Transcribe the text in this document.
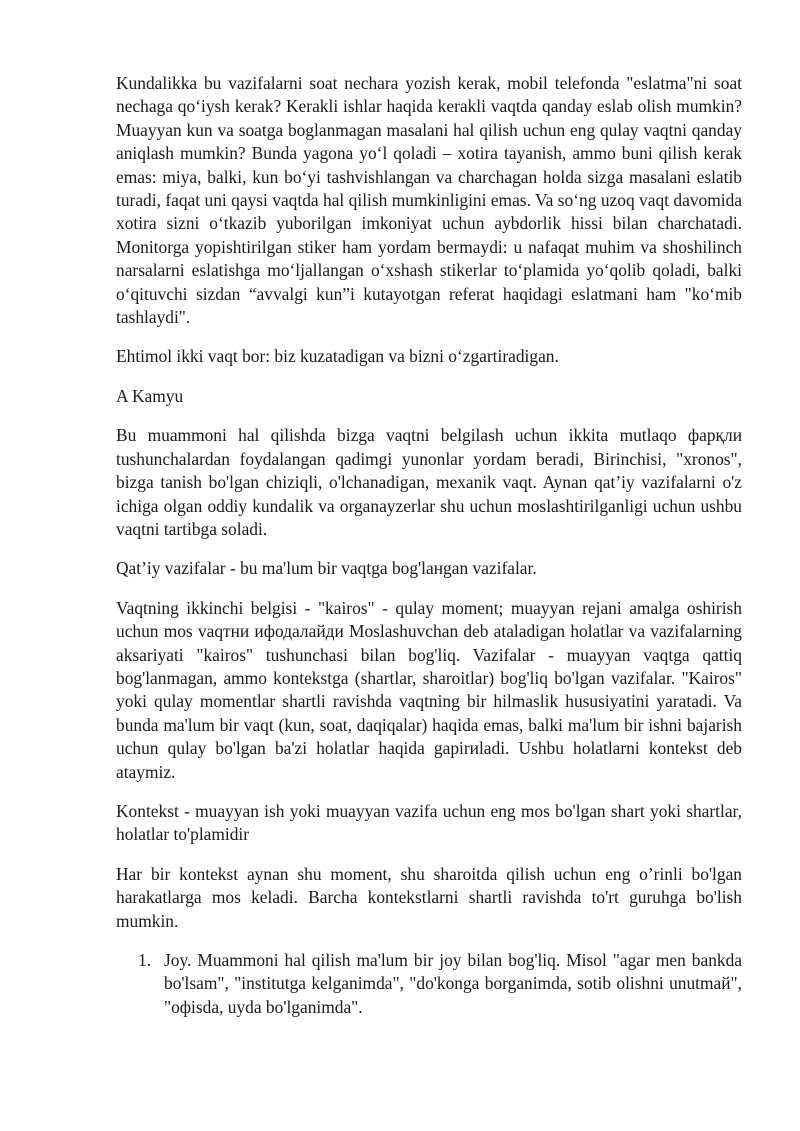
Kundalikka bu vazifalarni soat nechara yozish kerak, mobil telefonda "eslatma"ni soat nechaga qo‘iysh kerak? Kerakli ishlar haqida kerakli vaqtda qanday eslab olish mumkin? Muayyan kun va soatga boglanmagan masalani hal qilish uchun eng qulay vaqtni qanday aniqlash mumkin? Bunda yagona yo‘l qoladi – xotira tayanish, ammo buni qilish kerak emas: miya, balki, kun bo‘yi tashvishlangan va charchagan holda sizga masalani eslatib turadi, faqat uni qaysi vaqtda hal qilish mumkinligini emas. Va so‘ng uzoq vaqt davomida xotira sizni o‘tkazib yuborilgan imkoniyat uchun aybdorlik hissi bilan charchatadi. Monitorga yopishtirilgan stiker ham yordam bermaydi: u nafaqat muhim va shoshilinch narsalarni eslatishga mo‘ljallangan o‘xshash stikerlar to‘plamida yo‘qolib qoladi, balki o‘qituvchi sizdan “avvalgi kun”i kutayotgan referat haqidagi eslatmani ham "ko‘mib tashlaydi".

Ehtimol ikki vaqt bor: biz kuzatadigan va bizni o‘zgartiradigan.

A Kamyu

Bu muammoni hal qilishda bizga vaqtni belgilash uchun ikkita mutlaqo фарқли tushunchalardan foydalangan qadimgi yunonlar yordam beradi, Birinchisi, "xronos", bizga tanish bo'lgan chiziqli, o'lchanadigan, mexanik vaqt. Aynan qat’iy vazifalarni o'z ichiga olgan oddiy kundalik va organayzerlar shu uchun moslashtirilganligi uchun ushbu vaqtni tartibga soladi.

Qat’iy vazifalar - bu ma'lum bir vaqtga bog'laнgan vazifalar.

Vaqtning ikkinchi belgisi - "kairos" - qulay moment; muayyan rejani amalga oshirish uchun mos vaqтни ифодалайди Moslashuvchan deb ataladigan holatlar va vazifalarning aksariyati "kairos" tushunchasi bilan bog'liq. Vazifalar - muayyan vaqtga qattiq bog'lanmagan, ammo kontekstga (shartlar, sharoitlar) bog'liq bo'lgan vazifalar. "Kairos" yoki qulay momentlar shartli ravishda vaqtning bir hilmaslik hususiyatini yaratadi. Va bunda ma'lum bir vaqt (kun, soat, daqiqalar) haqida emas, balki ma'lum bir ishni bajarish uchun qulay bo'lgan ba'zi holatlar haqida gapirиladi. Ushbu holatlarni kontekst deb ataymiz.

Kontekst - muayyan ish yoki muayyan vazifa uchun eng mos bo'lgan shart yoki shartlar, holatlar to'plamidir

Har bir kontekst aynan shu moment, shu sharoitda qilish uchun eng o’rinli bo'lgan harakatlarga mos keladi. Barcha kontekstlarni shartli ravishda to'rt guruhga bo'lish mumkin.

1. Joy. Muammoni hal qilish ma'lum bir joy bilan bog'liq. Misol "agar men bankda bo'lsam", "institutga kelganimda", "do'konga borganimda, sotib olishni unutmaй", "oфisda, uyda bo'lganimda".
